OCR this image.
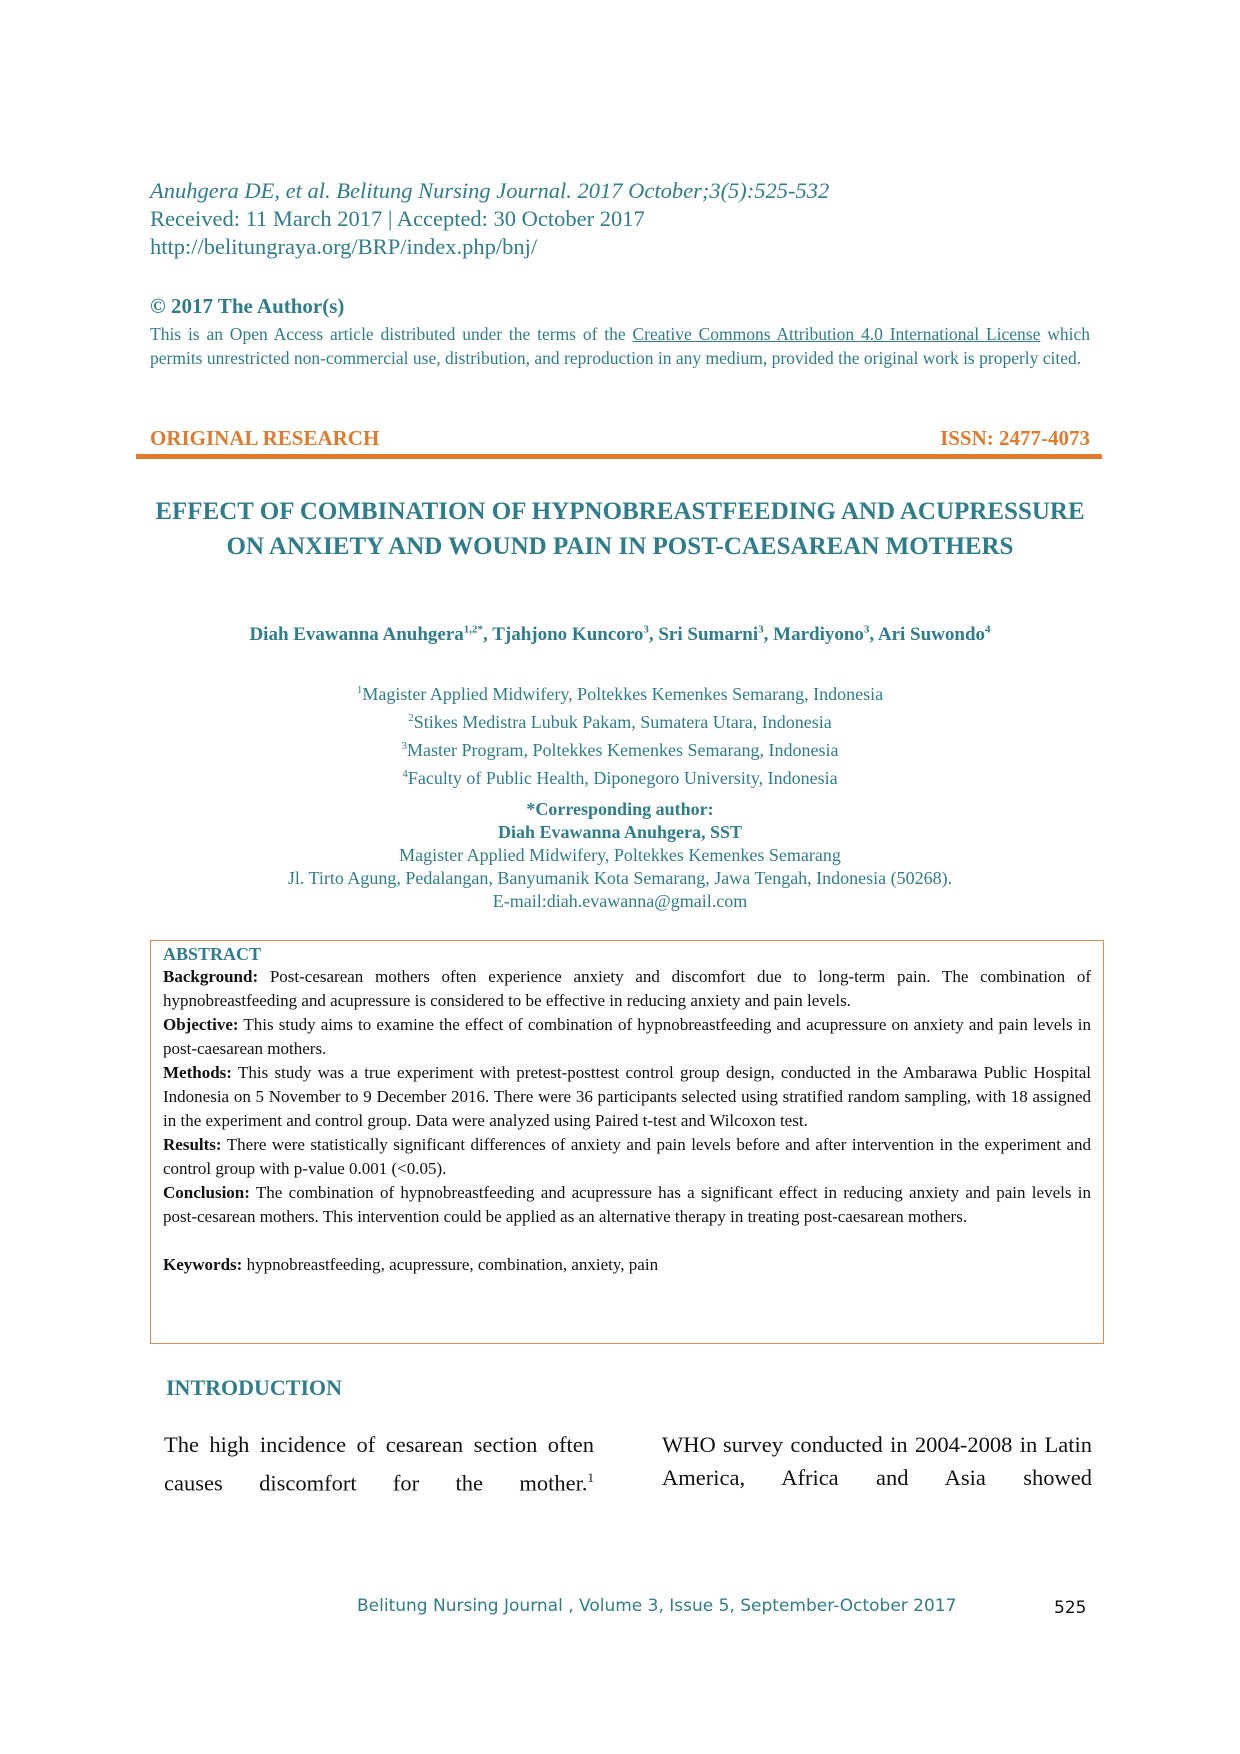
Anuhgera DE, et al. Belitung Nursing Journal. 2017 October;3(5):525-532
Received: 11 March 2017 | Accepted: 30 October 2017
http://belitungraya.org/BRP/index.php/bnj/
© 2017 The Author(s)
This is an Open Access article distributed under the terms of the Creative Commons Attribution 4.0 International License which permits unrestricted non-commercial use, distribution, and reproduction in any medium, provided the original work is properly cited.
ORIGINAL RESEARCH	ISSN: 2477-4073
EFFECT OF COMBINATION OF HYPNOBREASTFEEDING AND ACUPRESSURE ON ANXIETY AND WOUND PAIN IN POST-CAESAREAN MOTHERS
Diah Evawanna Anuhgera$^{1,2*}$, Tjahjono Kuncoro$^3$, Sri Sumarni$^3$, Mardiyono$^3$, Ari Suwondo$^4$
$^1$Magister Applied Midwifery, Poltekkes Kemenkes Semarang, Indonesia
$^2$Stikes Medistra Lubuk Pakam, Sumatera Utara, Indonesia
$^3$Master Program, Poltekkes Kemenkes Semarang, Indonesia
$^4$Faculty of Public Health, Diponegoro University, Indonesia
*Corresponding author:
Diah Evawanna Anuhgera, SST
Magister Applied Midwifery, Poltekkes Kemenkes Semarang
Jl. Tirto Agung, Pedalangan, Banyumanik Kota Semarang, Jawa Tengah, Indonesia (50268).
E-mail:diah.evawanna@gmail.com
ABSTRACT

Background: Post-cesarean mothers often experience anxiety and discomfort due to long-term pain. The combination of hypnobreastfeeding and acupressure is considered to be effective in reducing anxiety and pain levels.

Objective: This study aims to examine the effect of combination of hypnobreastfeeding and acupressure on anxiety and pain levels in post-caesarean mothers.

Methods: This study was a true experiment with pretest-posttest control group design, conducted in the Ambarawa Public Hospital Indonesia on 5 November to 9 December 2016. There were 36 participants selected using stratified random sampling, with 18 assigned in the experiment and control group. Data were analyzed using Paired t-test and Wilcoxon test.

Results: There were statistically significant differences of anxiety and pain levels before and after intervention in the experiment and control group with p-value 0.001 (<0.05).

Conclusion: The combination of hypnobreastfeeding and acupressure has a significant effect in reducing anxiety and pain levels in post-cesarean mothers. This intervention could be applied as an alternative therapy in treating post-caesarean mothers.

Keywords: hypnobreastfeeding, acupressure, combination, anxiety, pain

INTRODUCTION
The high incidence of cesarean section often causes discomfort for the mother.$^1$
WHO survey conducted in 2004-2008 in Latin America, Africa and Asia showed
Belitung Nursing Journal , Volume 3, Issue 5, September-October 2017	525
